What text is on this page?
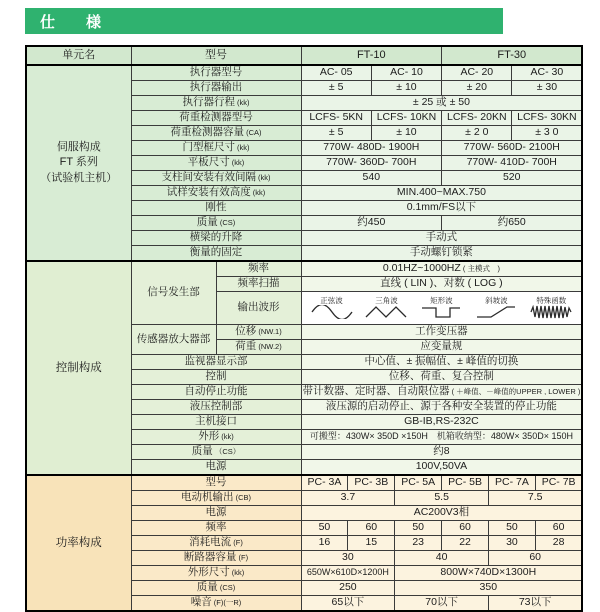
仕　様
单元名	型号		FT-10				FT-30			

伺服构成
FT 系列
（试验机主机）	执行器型号		AC- 05		AC- 10		AC- 20		AC- 30	
	执行器输出		± 5		± 10		± 20		± 30	
	执行器行程 (kk)		± 25 或 ± 50							
	荷重检测器型号		LCFS- 5KN		LCFS- 10KN		LCFS- 20KN		LCFS- 30KN	
	荷重检测器容量 (CA)		± 5		± 10		± 2 0		± 3 0	
	门型框尺寸 (kk)		770W- 480D- 1900H				770W- 560D- 2100H			
	平板尺寸 (kk)		770W- 360D- 700H				770W- 410D- 700H			
	支柱间安装有效间隔 (kk)		540				520			
	试样安装有效高度 (kk)		MIN.400~MAX.750							
	刚性		0.1mm/FS以下							
	质量 (CS)		约450				约650			
	横梁的升降		手动式							
	衡量的固定		手动螺钉锁紧							

控制构成	信号发生部	频率	0.01HZ~1000HZ ( 主模式　)							
		频率扫描	直线 ( LIN )、对数 ( LOG )							
		输出波形	正弦波 三角波 矩形波 斜坡波 特殊函数							

	传感器放大器部	位移 (NW.1)	工作变压器							
		荷重 (NW.2)	应变量规							
	监视器显示部		中心值、± 振幅值、± 峰值的切换							
	控制		位移、荷重、复合控制							
	自动停止功能		带计数器、定时器、自动限位器 ( ＋峰值、－峰值的UPPER , LOWER )							
	液压控制部		液压源的启动停止、源于各种安全装置的停止功能							
	主机接口		GB-IB,RS-232C							
	外形 (kk)		可搬型：430W× 350D ×150H　机箱收纳型：480W× 350D× 150H							
	质量 （CS）		约8							
	电源		100V,50VA							

功率构成	型号		PC- 3A	PC- 3B		PC- 5A	PC- 5B	PC- 7A		PC- 7B
	电动机输出 (CB)		3.7			5.5		7.5		
	电源		AC200V3相							
	频率		50	60		50	60	50		60
	消耗电流 (F)		16	15		23	22	30		28
	断路器容量 (F)		30			40		60		
	外形尺寸 (kk)		650W×610D×1200H			800W×740D×1300H				
	质量 (CS)		250			350				
	噪音 (F)(一R)		65以下			70以下		73以下		
